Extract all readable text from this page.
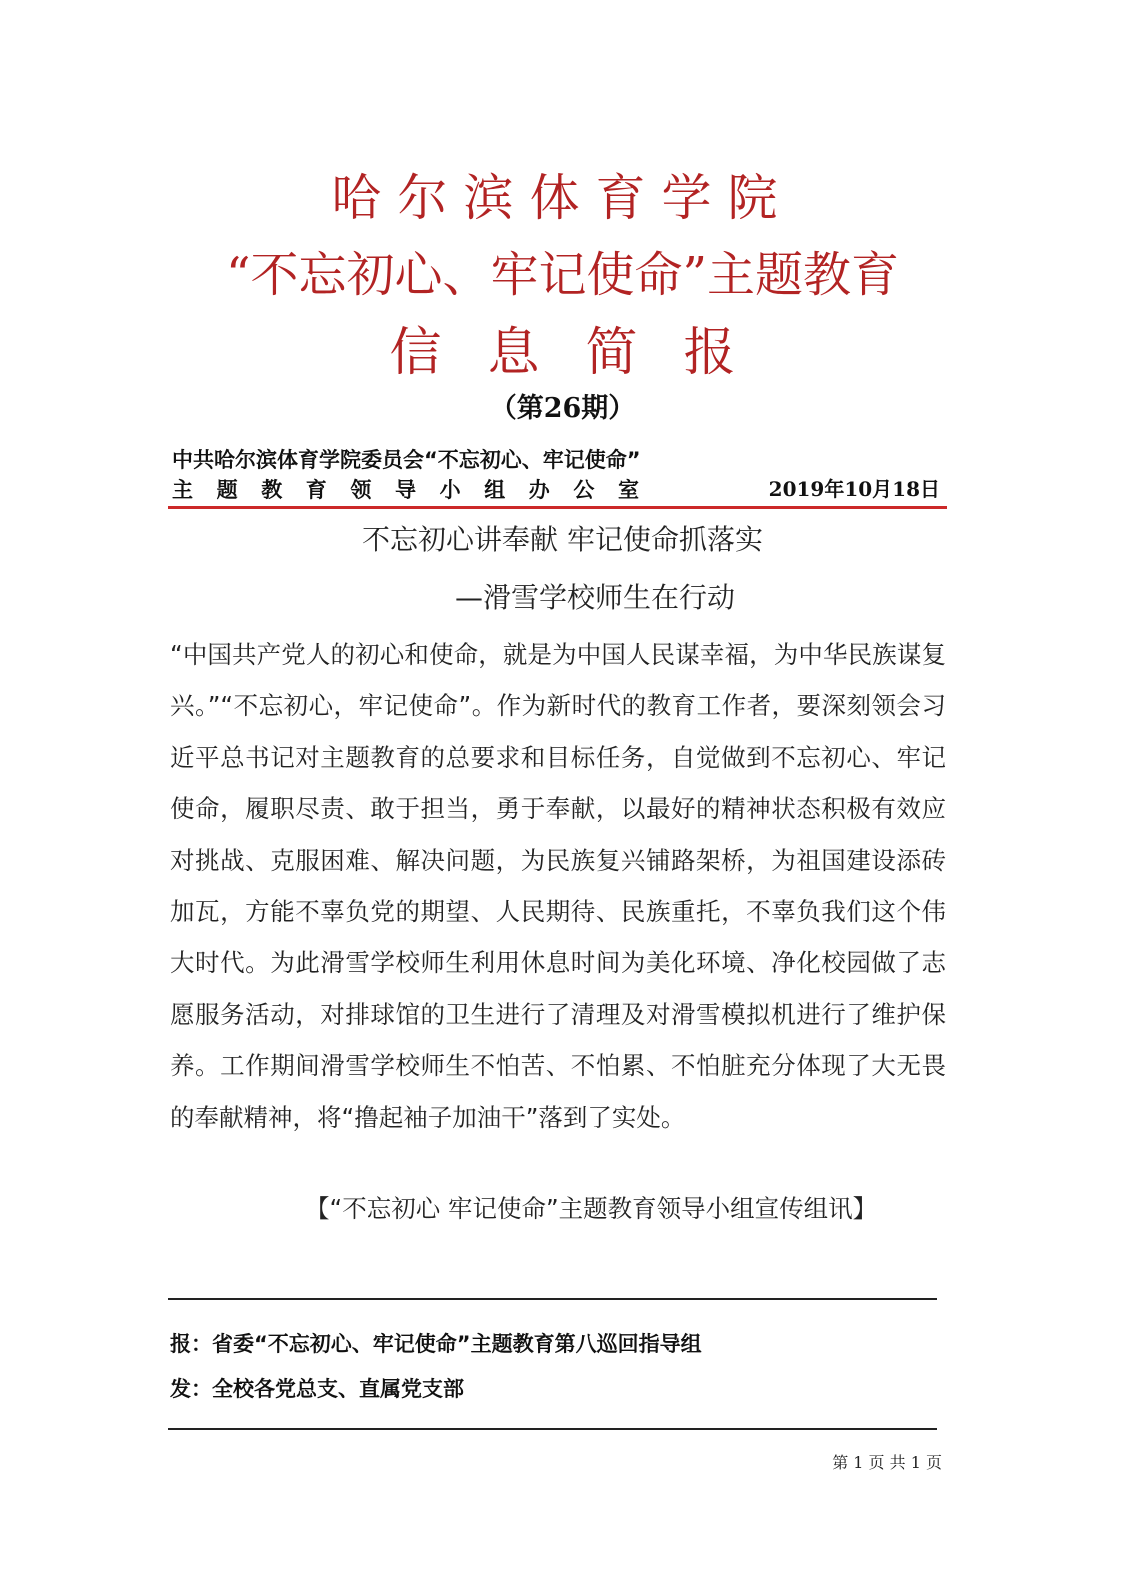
哈尔滨体育学院
“不忘初心、牢记使命”主题教育
信息简报
（第26期）
中共哈尔滨体育学院委员会“不忘初心、牢记使命”
主题教育领导小组办公室	2019年10月18日
不忘初心讲奉献 牢记使命抓落实
—滑雪学校师生在行动

“中国共产党人的初心和使命，就是为中国人民谋幸福，为中华民族谋复兴。”“不忘初心，牢记使命”。作为新时代的教育工作者，要深刻领会习近平总书记对主题教育的总要求和目标任务，自觉做到不忘初心、牢记使命，履职尽责、敢于担当，勇于奉献，以最好的精神状态积极有效应对挑战、克服困难、解决问题，为民族复兴铺路架桥，为祖国建设添砖加瓦，方能不辜负党的期望、人民期待、民族重托，不辜负我们这个伟大时代。为此滑雪学校师生利用休息时间为美化环境、净化校园做了志愿服务活动，对排球馆的卫生进行了清理及对滑雪模拟机进行了维护保养。工作期间滑雪学校师生不怕苦、不怕累、不怕脏充分体现了大无畏的奉献精神，将“撸起袖子加油干”落到了实处。

【“不忘初心 牢记使命”主题教育领导小组宣传组讯】
报：省委“不忘初心、牢记使命”主题教育第八巡回指导组
发：全校各党总支、直属党支部
第 1 页 共 1 页
